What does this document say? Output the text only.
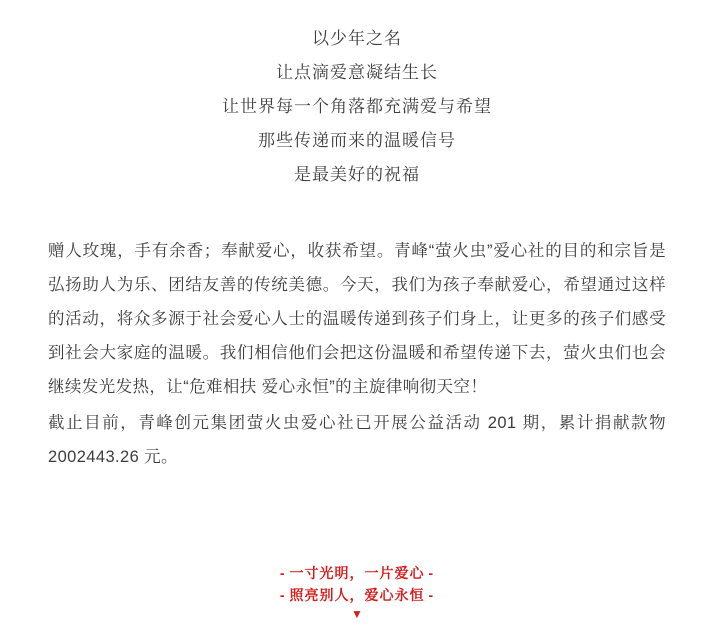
以少年之名
让点滴爱意凝结生长
让世界每一个角落都充满爱与希望
那些传递而来的温暖信号
是最美好的祝福

赠人玫瑰，手有余香；奉献爱心，收获希望。青峰“萤火虫”爱心社的目的和宗旨是弘扬助人为乐、团结友善的传统美德。今天，我们为孩子奉献爱心，希望通过这样的活动，将众多源于社会爱心人士的温暖传递到孩子们身上，让更多的孩子们感受到社会大家庭的温暖。我们相信他们会把这份温暖和希望传递下去，萤火虫们也会继续发光发热，让“危难相扶 爱心永恒”的主旋律响彻天空！

截止目前，青峰创元集团萤火虫爱心社已开展公益活动 201 期，累计捐献款物 2002443.26 元。

- 一寸光明，一片爱心 -
- 照亮别人，爱心永恒 -
▼
